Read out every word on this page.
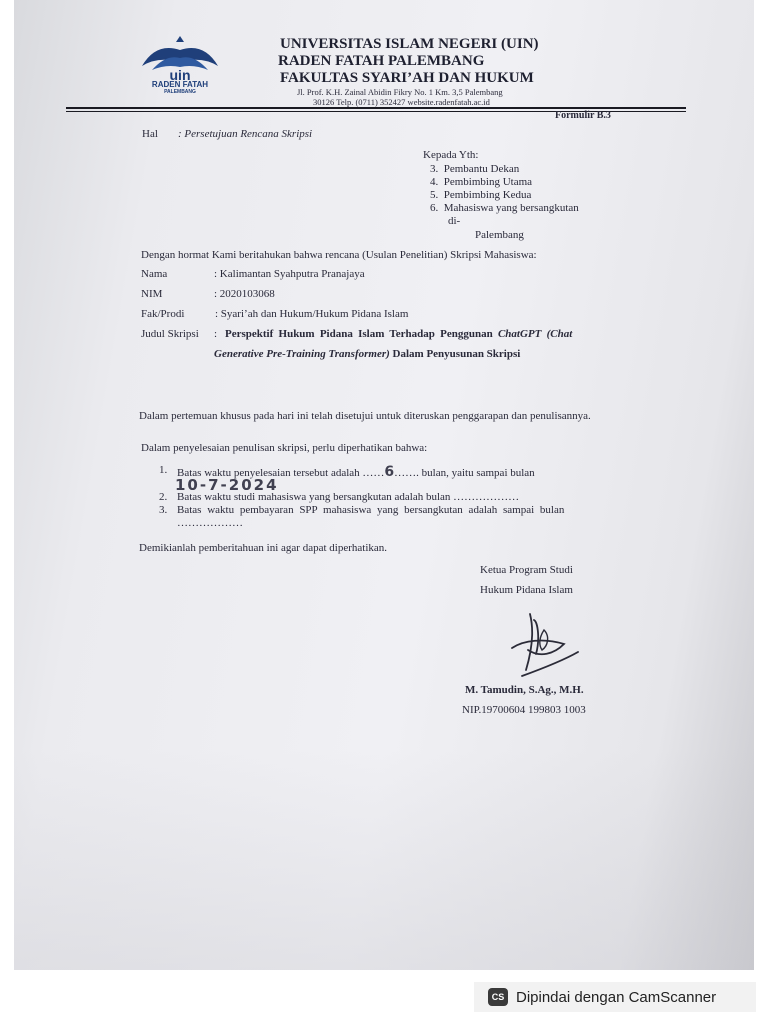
uin
RADEN FATAH
PALEMBANG
UNIVERSITAS ISLAM NEGERI (UIN)
RADEN FATAH PALEMBANG
FAKULTAS SYARI’AH DAN HUKUM
Jl. Prof. K.H. Zainal Abidin Fikry No. 1 Km. 3,5 Palembang
30126 Telp. (0711) 352427 website.radenfatah.ac.id
Formulir B.3
Hal : Persetujuan Rencana Skripsi
Kepada Yth:
3. Pembantu Dekan
4. Pembimbing Utama
5. Pembimbing Kedua
6. Mahasiswa yang bersangkutan
di-
Palembang
Dengan hormat Kami beritahukan bahwa rencana (Usulan Penelitian) Skripsi Mahasiswa:
Nama	: Kalimantan Syahputra Pranajaya
NIM	: 2020103068
Fak/Prodi	: Syari’ah dan Hukum/Hukum Pidana Islam
Judul Skripsi : Perspektif Hukum Pidana Islam Terhadap Penggunan ChatGPT (Chat
Generative Pre-Training Transformer) Dalam Penyusunan Skripsi
Dalam pertemuan khusus pada hari ini telah disetujui untuk diteruskan penggarapan dan penulisannya.
Dalam penyelesaian penulisan skripsi, perlu diperhatikan bahwa:
1. Batas waktu penyelesaian tersebut adalah ……6……. bulan, yaitu sampai bulan
10-7-2024
2. Batas waktu studi mahasiswa yang bersangkutan adalah bulan ………………
3. Batas waktu pembayaran SPP mahasiswa yang bersangkutan adalah sampai bulan
………………
Demikianlah pemberitahuan ini agar dapat diperhatikan.
Ketua Program Studi
Hukum Pidana Islam
M. Tamudin, S.Ag., M.H.
NIP.19700604 199803 1003
CS Dipindai dengan CamScanner
